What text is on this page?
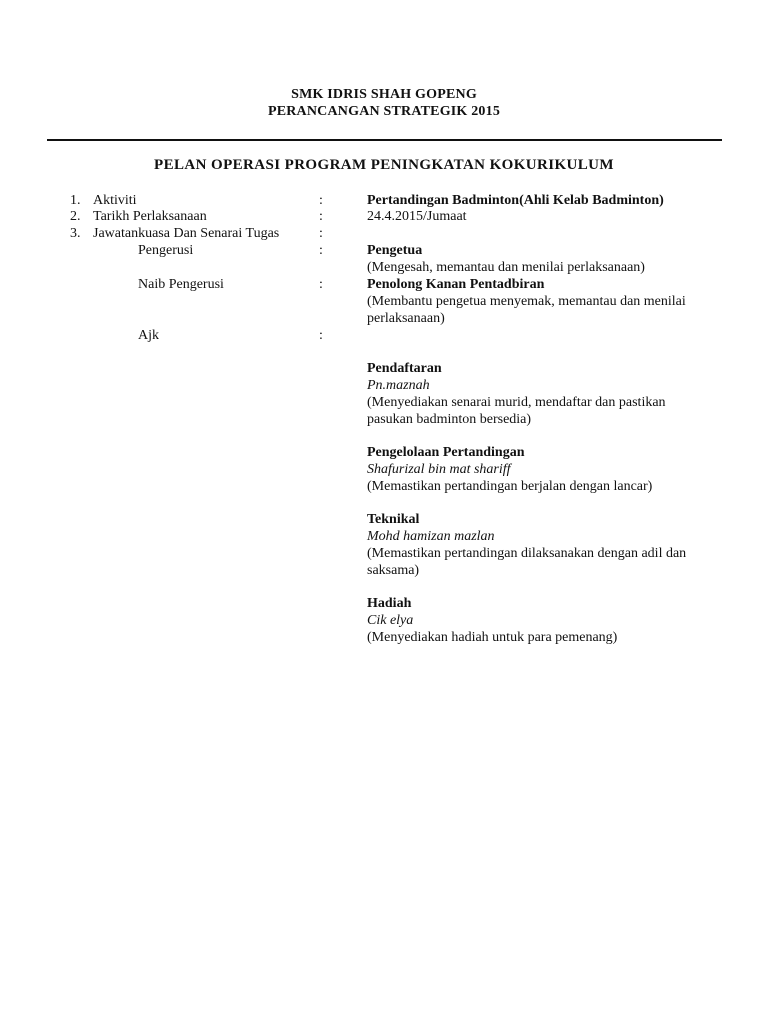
SMK IDRIS SHAH GOPENG
PERANCANGAN STRATEGIK 2015
PELAN OPERASI PROGRAM PENINGKATAN KOKURIKULUM
1. Aktiviti	:	Pertandingan Badminton(Ahli Kelab Badminton)
2. Tarikh Perlaksanaan	:	24.4.2015/Jumaat
3. Jawatankuasa Dan Senarai Tugas	:
Pengerusi	:	Pengetua
(Mengesah, memantau dan menilai perlaksanaan)
Naib Pengerusi	:	Penolong Kanan Pentadbiran
(Membantu pengetua menyemak, memantau dan menilai
perlaksanaan)
Ajk	:
Pendaftaran
Pn.maznah
(Menyediakan senarai murid, mendaftar dan pastikan
pasukan badminton bersedia)
Pengelolaan Pertandingan
Shafurizal bin mat shariff
(Memastikan pertandingan berjalan dengan lancar)
Teknikal
Mohd hamizan mazlan
(Memastikan pertandingan dilaksanakan dengan adil dan
saksama)
Hadiah
Cik elya
(Menyediakan hadiah untuk para pemenang)
